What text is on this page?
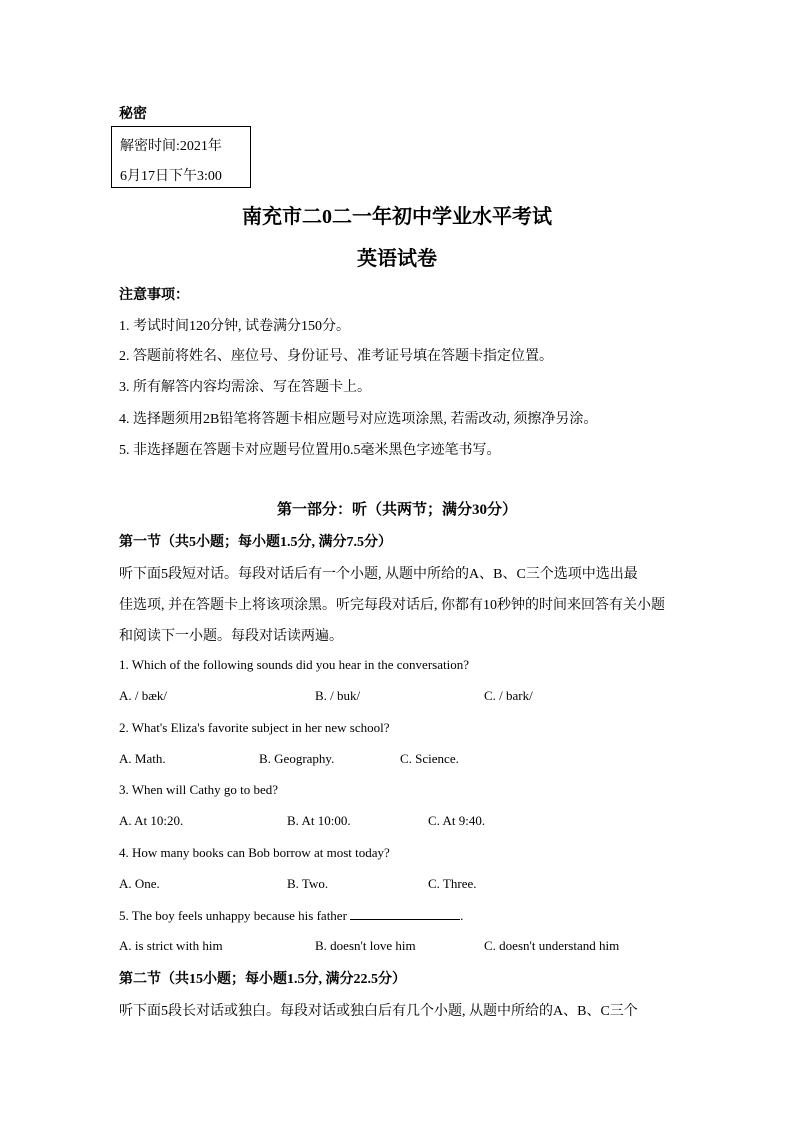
秘密
解密时间:2021年
6月17日下午3:00
南充市二0二一年初中学业水平考试
英语试卷
注意事项：
1. 考试时间120分钟, 试卷满分150分。
2. 答题前将姓名、座位号、身份证号、准考证号填在答题卡指定位置。
3. 所有解答内容均需涂、写在答题卡上。
4. 选择题须用2B铅笔将答题卡相应题号对应选项涂黑, 若需改动, 须擦净另涂。
5. 非选择题在答题卡对应题号位置用0.5毫米黑色字迹笔书写。
第一部分：听（共两节；满分30分）
第一节（共5小题；每小题1.5分, 满分7.5分）
听下面5段短对话。每段对话后有一个小题, 从题中所给的A、B、C三个选项中选出最
佳选项, 并在答题卡上将该项涂黑。听完每段对话后, 你都有10秒钟的时间来回答有关小题
和阅读下一小题。每段对话读两遍。
1. Which of the following sounds did you hear in the conversation?
A. / bæk/	B. / buk/	C. / bark/
2. What's Eliza's favorite subject in her new school?
A. Math.	B. Geography.	C. Science.
3. When will Cathy go to bed?
A. At 10:20.	B. At 10:00.	C. At 9:40.
4. How many books can Bob borrow at most today?
A. One.	B. Two.	C. Three.
5. The boy feels unhappy because his father	.
A. is strict with him	B. doesn't love him	C. doesn't understand him
第二节（共15小题；每小题1.5分, 满分22.5分）
听下面5段长对话或独白。每段对话或独白后有几个小题, 从题中所给的A、B、C三个
